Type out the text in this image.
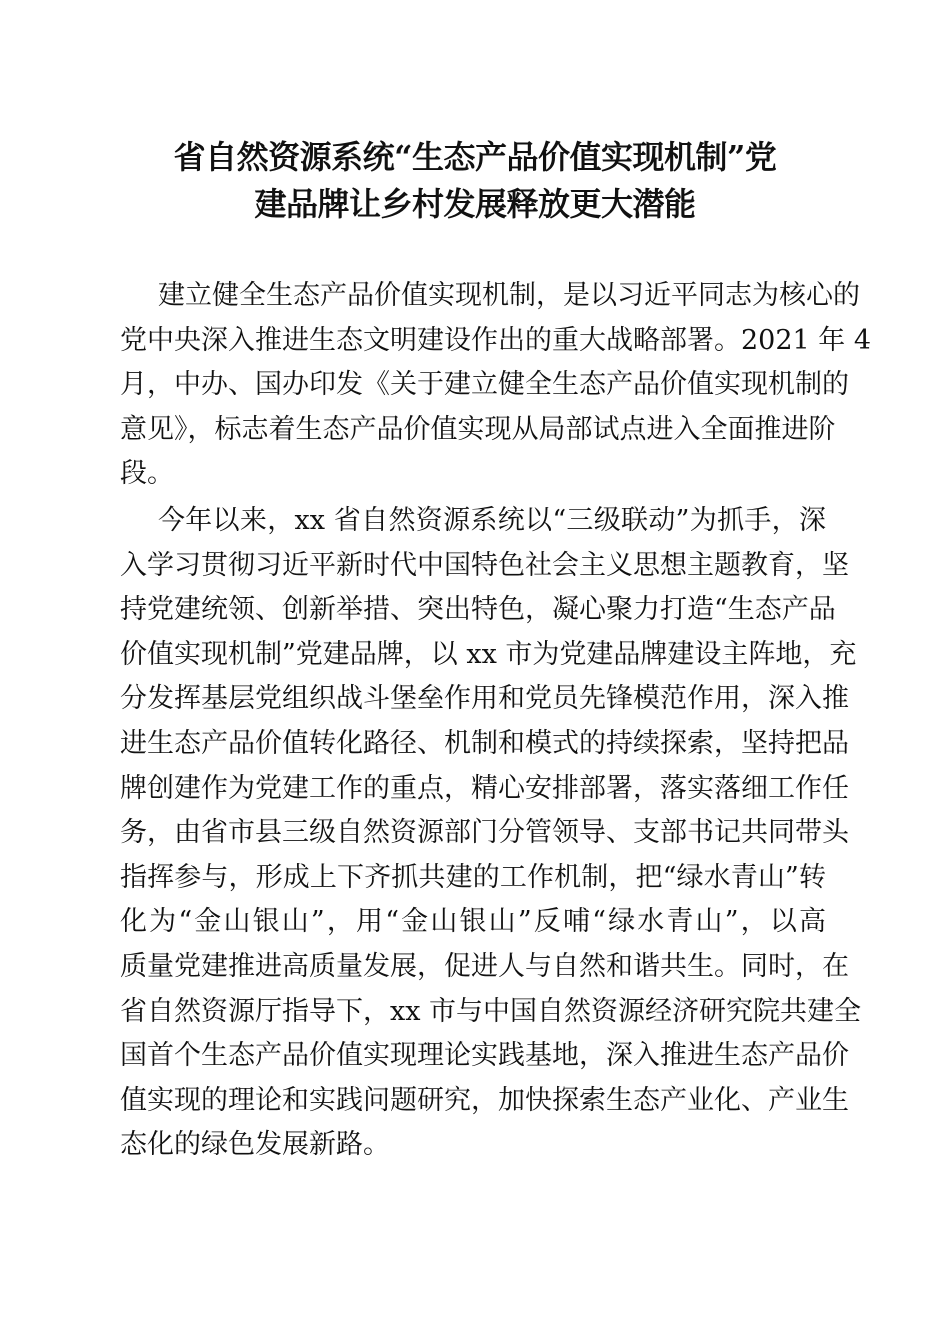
省自然资源系统“生态产品价值实现机制”党
建品牌让乡村发展释放更大潜能
建立健全生态产品价值实现机制，是以习近平同志为核心的
党中央深入推进生态文明建设作出的重大战略部署。2021 年 4
月，中办、国办印发《关于建立健全生态产品价值实现机制的
意见》，标志着生态产品价值实现从局部试点进入全面推进阶
段。
今年以来，xx 省自然资源系统以“三级联动”为抓手，深
入学习贯彻习近平新时代中国特色社会主义思想主题教育，坚
持党建统领、创新举措、突出特色，凝心聚力打造“生态产品
价值实现机制”党建品牌，以 xx 市为党建品牌建设主阵地，充
分发挥基层党组织战斗堡垒作用和党员先锋模范作用，深入推
进生态产品价值转化路径、机制和模式的持续探索，坚持把品
牌创建作为党建工作的重点，精心安排部署，落实落细工作任
务，由省市县三级自然资源部门分管领导、支部书记共同带头
指挥参与，形成上下齐抓共建的工作机制，把“绿水青山”转
化为“金山银山”，用“金山银山”反哺“绿水青山”，以高
质量党建推进高质量发展，促进人与自然和谐共生。同时，在
省自然资源厅指导下，xx 市与中国自然资源经济研究院共建全
国首个生态产品价值实现理论实践基地，深入推进生态产品价
值实现的理论和实践问题研究，加快探索生态产业化、产业生
态化的绿色发展新路。
